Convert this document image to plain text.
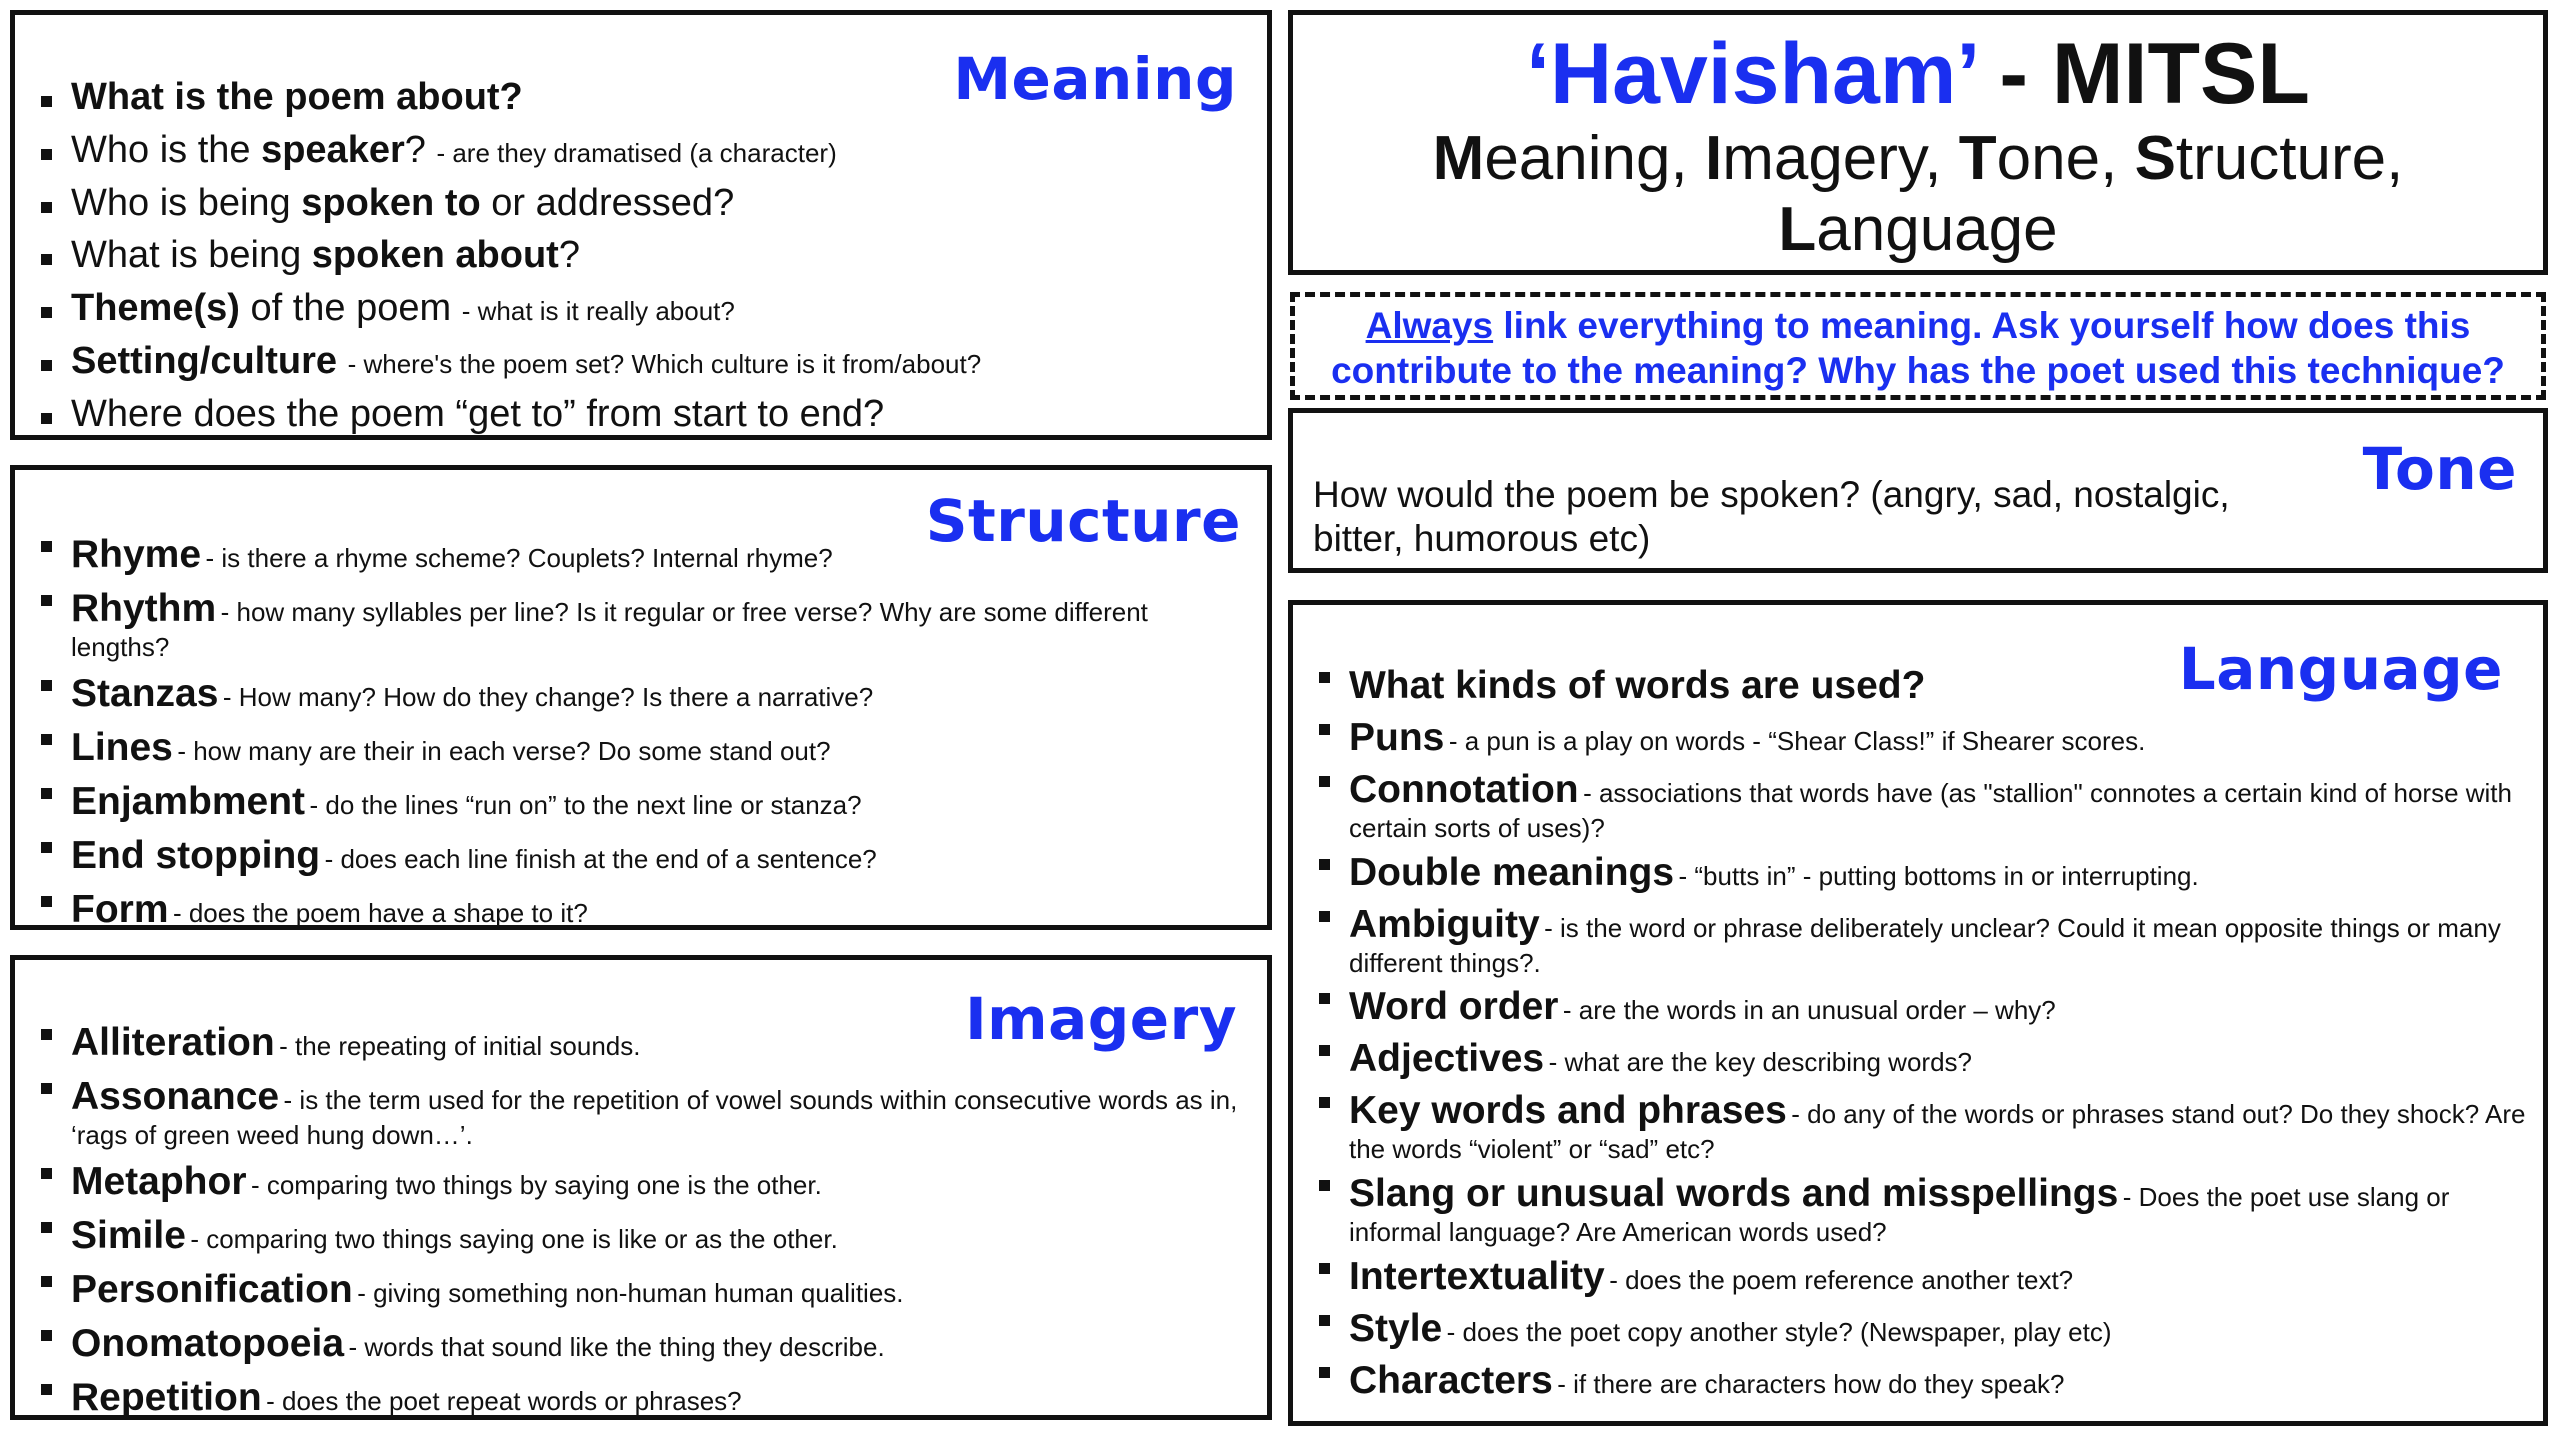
Meaning
What is the poem about?
Who is the speaker? - are they dramatised (a character)
Who is being spoken to or addressed?
What is being spoken about?
Theme(s) of the poem - what is it really about?
Setting/culture - where's the poem set? Which culture is it from/about?
Where does the poem “get to” from start to end?
Structure
Rhyme - is there a rhyme scheme? Couplets? Internal rhyme?
Rhythm - how many syllables per line? Is it regular or free verse? Why are some different lengths?
Stanzas - How many? How do they change? Is there a narrative?
Lines - how many are their in each verse? Do some stand out?
Enjambment - do the lines “run on” to the next line or stanza?
End stopping - does each line finish at the end of a sentence?
Form - does the poem have a shape to it?
Imagery
Alliteration - the repeating of initial sounds.
Assonance - is the term used for the repetition of vowel sounds within consecutive words as in, ‘rags of green weed hung down…’.
Metaphor - comparing two things by saying one is the other.
Simile - comparing two things saying one is like or as the other.
Personification - giving something non-human human qualities.
Onomatopoeia - words that sound like the thing they describe.
Repetition - does the poet repeat words or phrases?
‘Havisham’ - MITSL
Meaning, Imagery, Tone, Structure,
Language
Always link everything to meaning. Ask yourself how does this contribute to the meaning? Why has the poet used this technique?
Tone
How would the poem be spoken? (angry, sad, nostalgic, bitter, humorous etc)
Language
What kinds of words are used?
Puns - a pun is a play on words - “Shear Class!” if Shearer scores.
Connotation - associations that words have (as "stallion" connotes a certain kind of horse with certain sorts of uses)?
Double meanings - “butts in” - putting bottoms in or interrupting.
Ambiguity - is the word or phrase deliberately unclear? Could it mean opposite things or many different things?.
Word order - are the words in an unusual order – why?
Adjectives - what are the key describing words?
Key words and phrases - do any of the words or phrases stand out? Do they shock? Are the words “violent” or “sad” etc?
Slang or unusual words and misspellings - Does the poet use slang or informal language? Are American words used?
Intertextuality - does the poem reference another text?
Style - does the poet copy another style? (Newspaper, play etc)
Characters - if there are characters how do they speak?
